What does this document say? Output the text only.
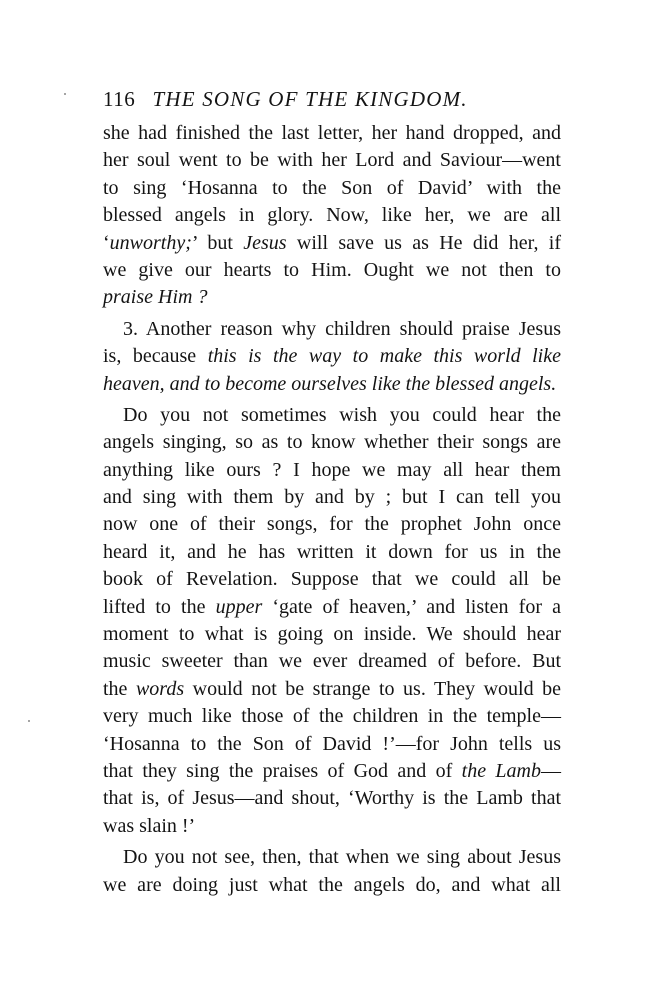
116 THE SONG OF THE KINGDOM.
she had finished the last letter, her hand dropped, and
her soul went to be with her Lord and Saviour—went
to sing ‘Hosanna to the Son of David’ with the
blessed angels in glory. Now, like her, we are all
‘unworthy;’ but Jesus will save us as He did her, if
we give our hearts to Him. Ought we not then to
praise Him ?
3. Another reason why children should praise Jesus
is, because this is the way to make this world like
heaven, and to become ourselves like the blessed angels.
Do you not sometimes wish you could hear the
angels singing, so as to know whether their songs are
anything like ours ? I hope we may all hear them
and sing with them by and by ; but I can tell you
now one of their songs, for the prophet John once
heard it, and he has written it down for us in the
book of Revelation. Suppose that we could all be
lifted to the upper ‘gate of heaven,’ and listen for a
moment to what is going on inside. We should hear
music sweeter than we ever dreamed of before. But
the words would not be strange to us. They would be
very much like those of the children in the temple—
‘Hosanna to the Son of David !’—for John tells us
that they sing the praises of God and of the Lamb—
that is, of Jesus—and shout, ‘Worthy is the Lamb that
was slain !’
Do you not see, then, that when we sing about Jesus
we are doing just what the angels do, and what all
